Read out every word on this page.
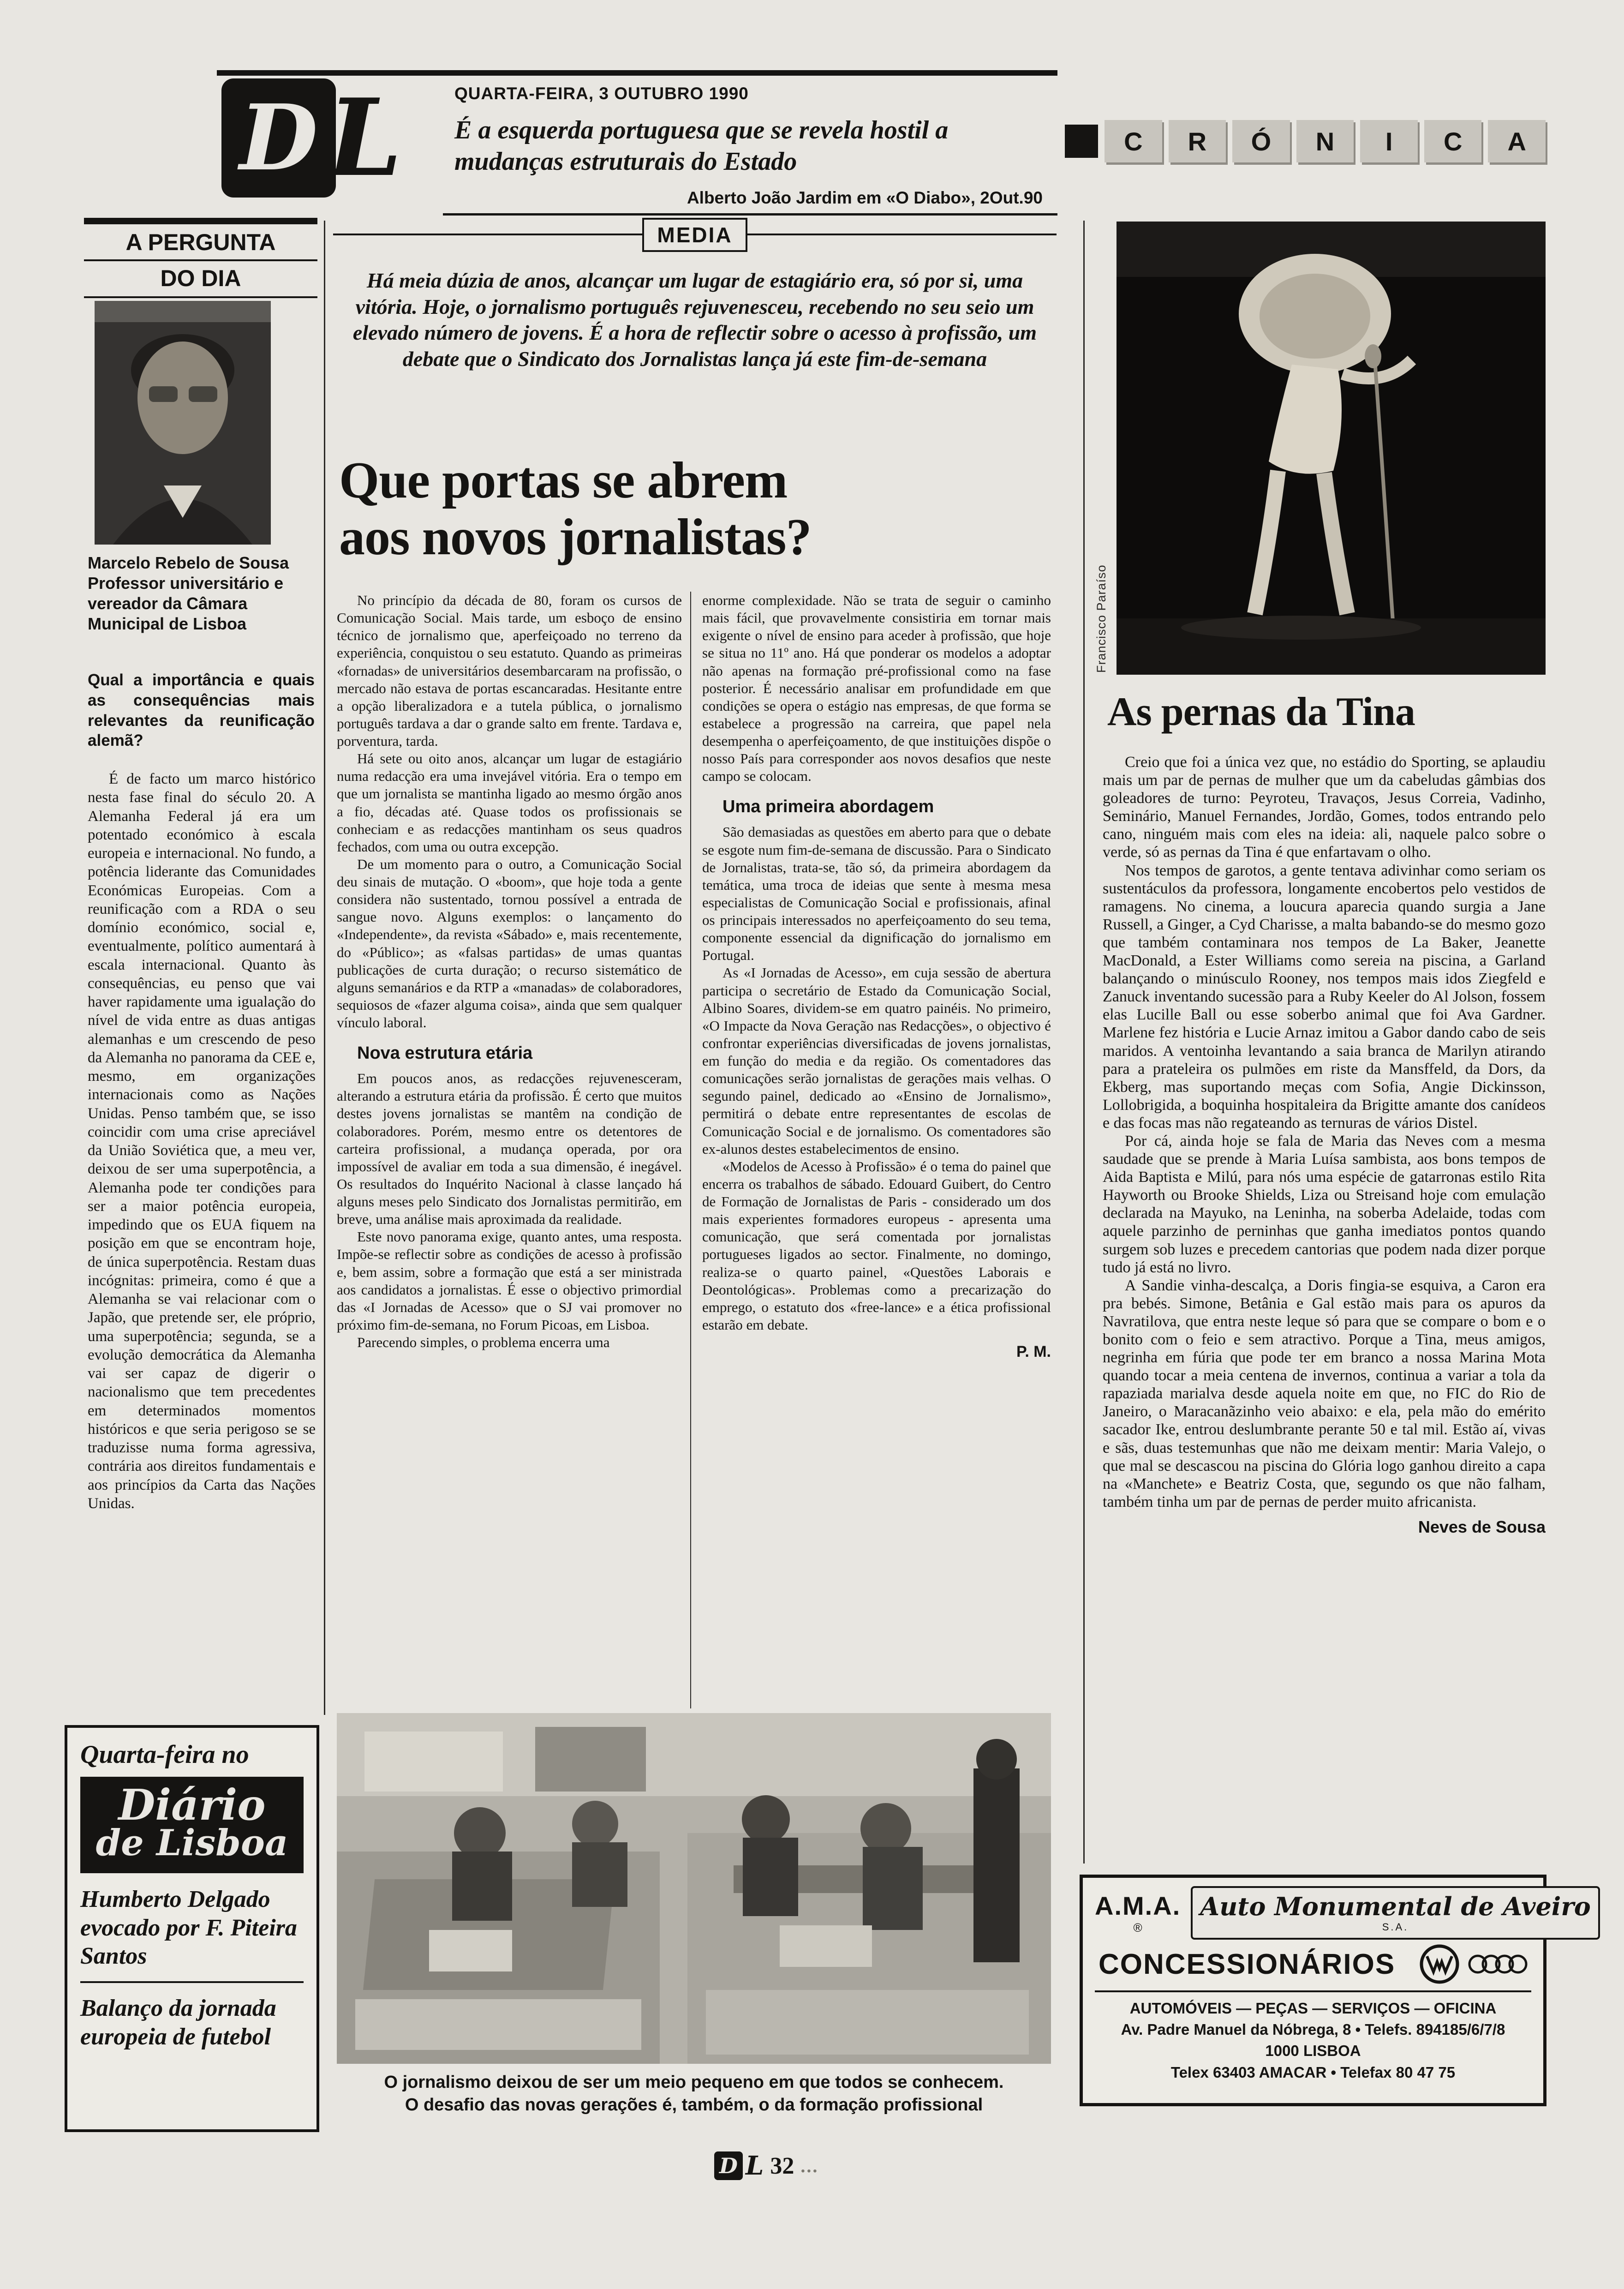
D L	QUARTA-FEIRA, 3 OUTUBRO 1990
É a esquerda portuguesa que se revela hostil a mudanças estruturais do Estado
Alberto João Jardim em «O Diabo», 2Out.90
C	R	Ó	N	I	C	A
A PERGUNTA
DO DIA
Marcelo Rebelo de Sousa
Professor universitário e vereador da Câmara Municipal de Lisboa
Qual a importância e quais as consequências mais relevantes da reunificação alemã?

É de facto um marco histórico nesta fase final do século 20. A Alemanha Federal já era um potentado económico à escala europeia e internacional. No fundo, a potência liderante das Comunidades Económicas Europeias. Com a reunificação com a RDA o seu domínio económico, social e, eventualmente, político aumentará à escala internacional. Quanto às consequências, eu penso que vai haver rapidamente uma igualação do nível de vida entre as duas antigas alemanhas e um crescendo de peso da Alemanha no panorama da CEE e, mesmo, em organizações internacionais como as Nações Unidas. Penso também que, se isso coincidir com uma crise apreciável da União Soviética que, a meu ver, deixou de ser uma superpotência, a Alemanha pode ter condições para ser a maior potência europeia, impedindo que os EUA fiquem na posição em que se encontram hoje, de única superpotência. Restam duas incógnitas: primeira, como é que a Alemanha se vai relacionar com o Japão, que pretende ser, ele próprio, uma superpotência; segunda, se a evolução democrática da Alemanha vai ser capaz de digerir o nacionalismo que tem precedentes em determinados momentos históricos e que seria perigoso se se traduzisse numa forma agressiva, contrária aos direitos fundamentais e aos princípios da Carta das Nações Unidas.

Quarta-feira no
Diário
de Lisboa
Humberto Delgado evocado por F. Piteira Santos
Balanço da jornada europeia de futebol
MEDIA
Há meia dúzia de anos, alcançar um lugar de estagiário era, só por si, uma vitória. Hoje, o jornalismo português rejuvenesceu, recebendo no seu seio um elevado número de jovens. É a hora de reflectir sobre o acesso à profissão, um debate que o Sindicato dos Jornalistas lança já este fim-de-semana
Que portas se abrem
aos novos jornalistas?

No princípio da década de 80, foram os cursos de Comunicação Social. Mais tarde, um esboço de ensino técnico de jornalismo que, aperfeiçoado no terreno da experiência, conquistou o seu estatuto. Quando as primeiras «fornadas» de universitários desembarcaram na profissão, o mercado não estava de portas escancaradas. Hesitante entre a opção liberalizadora e a tutela pública, o jornalismo português tardava a dar o grande salto em frente. Tardava e, porventura, tarda.

Há sete ou oito anos, alcançar um lugar de estagiário numa redacção era uma invejável vitória. Era o tempo em que um jornalista se mantinha ligado ao mesmo órgão anos a fio, décadas até. Quase todos os profissionais se conheciam e as redacções mantinham os seus quadros fechados, com uma ou outra excepção.

De um momento para o outro, a Comunicação Social deu sinais de mutação. O «boom», que hoje toda a gente considera não sustentado, tornou possível a entrada de sangue novo. Alguns exemplos: o lançamento do «Independente», da revista «Sábado» e, mais recentemente, do «Público»; as «falsas partidas» de umas quantas publicações de curta duração; o recurso sistemático de alguns semanários e da RTP a «manadas» de colaboradores, sequiosos de «fazer alguma coisa», ainda que sem qualquer vínculo laboral.

Nova estrutura etária

Em poucos anos, as redacções rejuvenesceram, alterando a estrutura etária da profissão. É certo que muitos destes jovens jornalistas se mantêm na condição de colaboradores. Porém, mesmo entre os detentores de carteira profissional, a mudança operada, por ora impossível de avaliar em toda a sua dimensão, é inegável. Os resultados do Inquérito Nacional à classe lançado há alguns meses pelo Sindicato dos Jornalistas permitirão, em breve, uma análise mais aproximada da realidade.

Este novo panorama exige, quanto antes, uma resposta. Impõe-se reflectir sobre as condições de acesso à profissão e, bem assim, sobre a formação que está a ser ministrada aos candidatos a jornalistas. É esse o objectivo primordial das «I Jornadas de Acesso» que o SJ vai promover no próximo fim-de-semana, no Forum Picoas, em Lisboa.

Parecendo simples, o problema encerra uma

enorme complexidade. Não se trata de seguir o caminho mais fácil, que provavelmente consistiria em tornar mais exigente o nível de ensino para aceder à profissão, que hoje se situa no 11º ano. Há que ponderar os modelos a adoptar não apenas na formação pré-profissional como na fase posterior. É necessário analisar em profundidade em que condições se opera o estágio nas empresas, de que forma se estabelece a progressão na carreira, que papel nela desempenha o aperfeiçoamento, de que instituições dispõe o nosso País para corresponder aos novos desafios que neste campo se colocam.

Uma primeira abordagem

São demasiadas as questões em aberto para que o debate se esgote num fim-de-semana de discussão. Para o Sindicato de Jornalistas, trata-se, tão só, da primeira abordagem da temática, uma troca de ideias que sente à mesma mesa especialistas de Comunicação Social e profissionais, afinal os principais interessados no aperfeiçoamento do seu tema, componente essencial da dignificação do jornalismo em Portugal.

As «I Jornadas de Acesso», em cuja sessão de abertura participa o secretário de Estado da Comunicação Social, Albino Soares, dividem-se em quatro painéis. No primeiro, «O Impacte da Nova Geração nas Redacções», o objectivo é confrontar experiências diversificadas de jovens jornalistas, em função do media e da região. Os comentadores das comunicações serão jornalistas de gerações mais velhas. O segundo painel, dedicado ao «Ensino de Jornalismo», permitirá o debate entre representantes de escolas de Comunicação Social e de jornalismo. Os comentadores são ex-alunos destes estabelecimentos de ensino.

«Modelos de Acesso à Profissão» é o tema do painel que encerra os trabalhos de sábado. Edouard Guibert, do Centro de Formação de Jornalistas de Paris - considerado um dos mais experientes formadores europeus - apresenta uma comunicação, que será comentada por jornalistas portugueses ligados ao sector. Finalmente, no domingo, realiza-se o quarto painel, «Questões Laborais e Deontológicas». Problemas como a precarização do emprego, o estatuto dos «free-lance» e a ética profissional estarão em debate.

P. M.

O jornalismo deixou de ser um meio pequeno em que todos se conhecem.
O desafio das novas gerações é, também, o da formação profissional
Francisco Paraíso
As pernas da Tina

Creio que foi a única vez que, no estádio do Sporting, se aplaudiu mais um par de pernas de mulher que um da cabeludas gâmbias dos goleadores de turno: Peyroteu, Travaços, Jesus Correia, Vadinho, Seminário, Manuel Fernandes, Jordão, Gomes, todos entrando pelo cano, ninguém mais com eles na ideia: ali, naquele palco sobre o verde, só as pernas da Tina é que enfartavam o olho.

Nos tempos de garotos, a gente tentava adivinhar como seriam os sustentáculos da professora, longamente encobertos pelo vestidos de ramagens. No cinema, a loucura aparecia quando surgia a Jane Russell, a Ginger, a Cyd Charisse, a malta babando-se do mesmo gozo que também contaminara nos tempos de La Baker, Jeanette MacDonald, a Ester Williams como sereia na piscina, a Garland balançando o minúsculo Rooney, nos tempos mais idos Ziegfeld e Zanuck inventando sucessão para a Ruby Keeler do Al Jolson, fossem elas Lucille Ball ou esse soberbo animal que foi Ava Gardner. Marlene fez história e Lucie Arnaz imitou a Gabor dando cabo de seis maridos. A ventoinha levantando a saia branca de Marilyn atirando para a prateleira os pulmões em riste da Mansffeld, da Dors, da Ekberg, mas suportando meças com Sofia, Angie Dickinsson, Lollobrigida, a boquinha hospitaleira da Brigitte amante dos canídeos e das focas mas não regateando as ternuras de vários Distel.

Por cá, ainda hoje se fala de Maria das Neves com a mesma saudade que se prende à Maria Luísa sambista, aos bons tempos de Aida Baptista e Milú, para nós uma espécie de gatarronas estilo Rita Hayworth ou Brooke Shields, Liza ou Streisand hoje com emulação declarada na Mayuko, na Leninha, na soberba Adelaide, todas com aquele parzinho de perninhas que ganha imediatos pontos quando surgem sob luzes e precedem cantorias que podem nada dizer porque tudo já está no livro.

A Sandie vinha-descalça, a Doris fingia-se esquiva, a Caron era pra bebés. Simone, Betânia e Gal estão mais para os apuros da Navratilova, que entra neste leque só para que se compare o bom e o bonito com o feio e sem atractivo. Porque a Tina, meus amigos, negrinha em fúria que pode ter em branco a nossa Marina Mota quando tocar a meia centena de invernos, continua a variar a tola da rapaziada marialva desde aquela noite em que, no FIC do Rio de Janeiro, o Maracanãzinho veio abaixo: e ela, pela mão do emérito sacador Ike, entrou deslumbrante perante 50 e tal mil. Estão aí, vivas e sãs, duas testemunhas que não me deixam mentir: Maria Valejo, o que mal se descascou na piscina do Glória logo ganhou direito a capa na «Manchete» e Beatriz Costa, que, segundo os que não falham, também tinha um par de pernas de perder muito africanista.

Neves de Sousa

A.M.A.
®
Auto Monumental de Aveiro
S.A.
CONCESSIONÁRIOS
AUTOMÓVEIS — PEÇAS — SERVIÇOS — OFICINA
Av. Padre Manuel da Nóbrega, 8 • Telefs. 894185/6/7/8
1000 LISBOA
Telex 63403 AMACAR • Telefax 80 47 75
D L 32 ...
